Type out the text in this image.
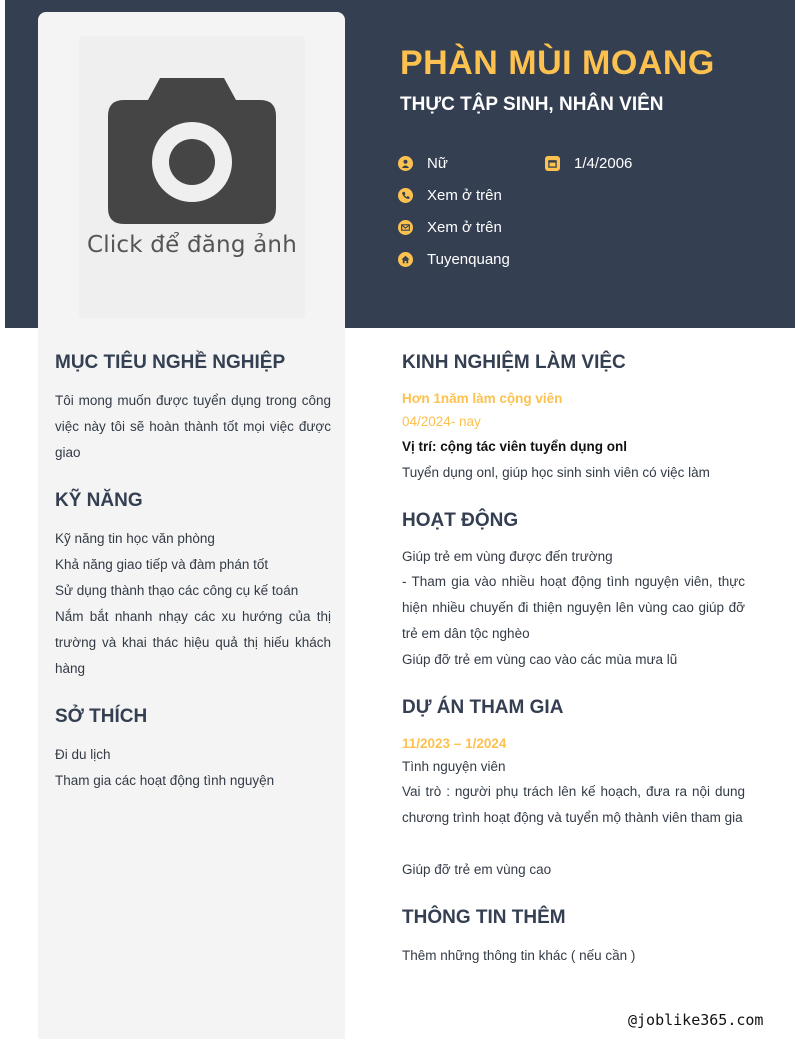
Click để đăng ảnh
PHÀN MÙI MOANG
THỰC TẬP SINH, NHÂN VIÊN
Nữ	1/4/2006
Xem ở trên
Xem ở trên
Tuyenquang
MỤC TIÊU NGHỀ NGHIỆP

Tôi mong muốn được tuyển dụng trong công việc này tôi sẽ hoàn thành tốt mọi việc được giao

KỸ NĂNG

Kỹ năng tin học văn phòng

Khả năng giao tiếp và đàm phán tốt

Sử dụng thành thạo các công cụ kế toán

Nắm bắt nhanh nhạy các xu hướng của thị trường và khai thác hiệu quả thị hiếu khách hàng

SỞ THÍCH

Đi du lịch

Tham gia các hoạt động tình nguyện

KINH NGHIỆM LÀM VIỆC

Hơn 1năm làm cộng viên

04/2024- nay

Vị trí: cộng tác viên tuyển dụng onl

Tuyển dụng onl, giúp học sinh sinh viên có việc làm

HOẠT ĐỘNG

Giúp trẻ em vùng được đến trường

- Tham gia vào nhiều hoạt động tình nguyện viên, thực hiện nhiều chuyến đi thiện nguyện lên vùng cao giúp đỡ trẻ em dân tộc nghèo

Giúp đỡ trẻ em vùng cao vào các mùa mưa lũ

DỰ ÁN THAM GIA

11/2023 – 1/2024

Tình nguyện viên

Vai trò : người phụ trách lên kế hoạch, đưa ra nội dung chương trình hoạt động và tuyển mộ thành viên tham gia

Giúp đỡ trẻ em vùng cao

THÔNG TIN THÊM

Thêm những thông tin khác ( nếu cần )

@joblike365.com
